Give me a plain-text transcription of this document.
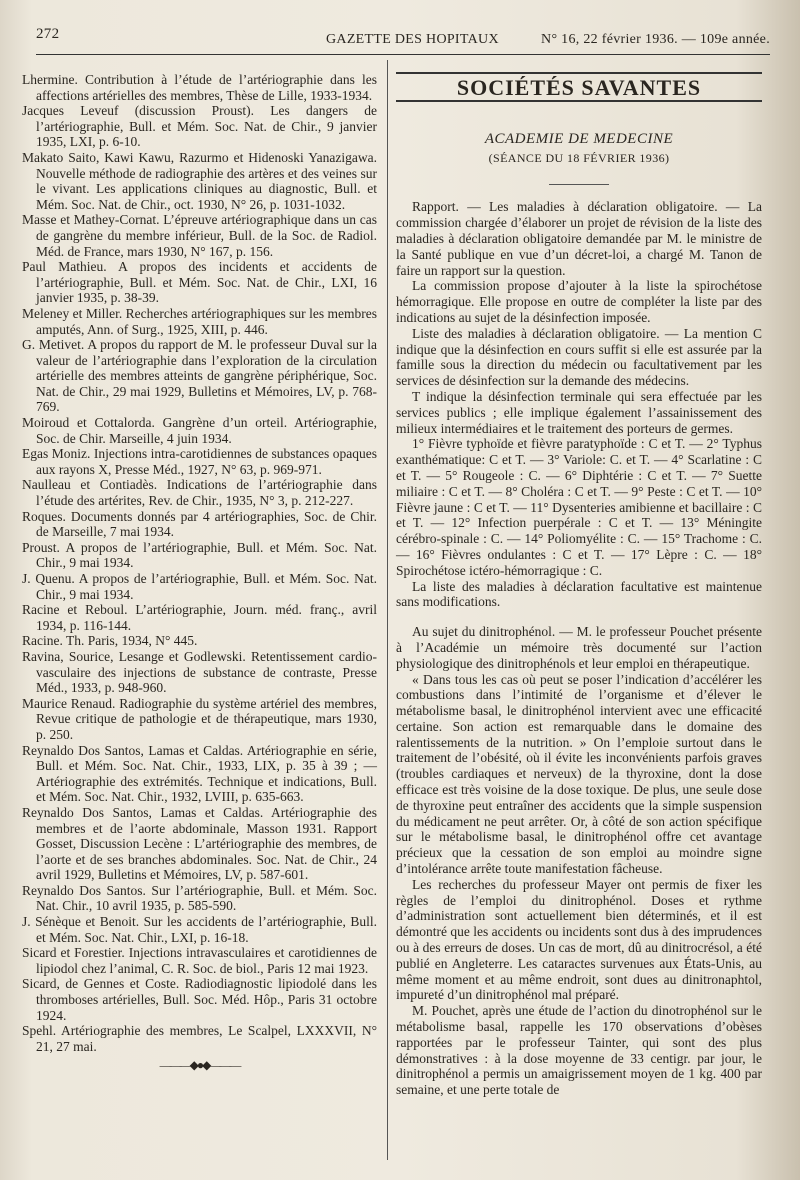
272	GAZETTE DES HOPITAUX	N° 16, 22 février 1936. — 109e année.
Lhermine. Contribution à l’étude de l’artériographie dans les affections artérielles des membres, Thèse de Lille, 1933-1934.
Jacques Leveuf (discussion Proust). Les dangers de l’artériographie, Bull. et Mém. Soc. Nat. de Chir., 9 janvier 1935, LXI, p. 6-10.
Makato Saito, Kawi Kawu, Razurmo et Hidenoski Yanazigawa. Nouvelle méthode de radiographie des artères et des veines sur le vivant. Les applications cliniques au diagnostic, Bull. et Mém. Soc. Nat. de Chir., oct. 1930, N° 26, p. 1031-1032.
Masse et Mathey-Cornat. L’épreuve artériographique dans un cas de gangrène du membre inférieur, Bull. de la Soc. de Radiol. Méd. de France, mars 1930, N° 167, p. 156.
Paul Mathieu. A propos des incidents et accidents de l’artériographie, Bull. et Mém. Soc. Nat. de Chir., LXI, 16 janvier 1935, p. 38-39.
Meleney et Miller. Recherches artériographiques sur les membres amputés, Ann. of Surg., 1925, XIII, p. 446.
G. Metivet. A propos du rapport de M. le professeur Duval sur la valeur de l’artériographie dans l’exploration de la circulation artérielle des membres atteints de gangrène périphérique, Soc. Nat. de Chir., 29 mai 1929, Bulletins et Mémoires, LV, p. 768-769.
Moiroud et Cottalorda. Gangrène d’un orteil. Artériographie, Soc. de Chir. Marseille, 4 juin 1934.
Egas Moniz. Injections intra-carotidiennes de substances opaques aux rayons X, Presse Méd., 1927, N° 63, p. 969-971.
Naulleau et Contiadès. Indications de l’artériographie dans l’étude des artérites, Rev. de Chir., 1935, N° 3, p. 212-227.
Roques. Documents donnés par 4 artériographies, Soc. de Chir. de Marseille, 7 mai 1934.
Proust. A propos de l’artériographie, Bull. et Mém. Soc. Nat. Chir., 9 mai 1934.
J. Quenu. A propos de l’artériographie, Bull. et Mém. Soc. Nat. Chir., 9 mai 1934.
Racine et Reboul. L’artériographie, Journ. méd. franç., avril 1934, p. 116-144.
Racine. Th. Paris, 1934, N° 445.
Ravina, Sourice, Lesange et Godlewski. Retentissement cardio-vasculaire des injections de substance de contraste, Presse Méd., 1933, p. 948-960.
Maurice Renaud. Radiographie du système artériel des membres, Revue critique de pathologie et de thérapeutique, mars 1930, p. 250.
Reynaldo Dos Santos, Lamas et Caldas. Artériographie en série, Bull. et Mém. Soc. Nat. Chir., 1933, LIX, p. 35 à 39 ; — Artériographie des extrémités. Technique et indications, Bull. et Mém. Soc. Nat. Chir., 1932, LVIII, p. 635-663.
Reynaldo Dos Santos, Lamas et Caldas. Artériographie des membres et de l’aorte abdominale, Masson 1931. Rapport Gosset, Discussion Lecène : L’artériographie des membres, de l’aorte et de ses branches abdominales. Soc. Nat. de Chir., 24 avril 1929, Bulletins et Mémoires, LV, p. 587-601.
Reynaldo Dos Santos. Sur l’artériographie, Bull. et Mém. Soc. Nat. Chir., 10 avril 1935, p. 585-590.
J. Sénèque et Benoit. Sur les accidents de l’artériographie, Bull. et Mém. Soc. Nat. Chir., LXI, p. 16-18.
Sicard et Forestier. Injections intravasculaires et carotidiennes de lipiodol chez l’animal, C. R. Soc. de biol., Paris 12 mai 1923.
Sicard, de Gennes et Coste. Radiodiagnostic lipiodolé dans les thromboses artérielles, Bull. Soc. Méd. Hôp., Paris 31 octobre 1924.
Spehl. Artériographie des membres, Le Scalpel, LXXXVII, N° 21, 27 mai.
———◆●◆———
SOCIÉTÉS SAVANTES
ACADEMIE DE MEDECINE
(SÉANCE DU 18 FÉVRIER 1936)

Rapport. — Les maladies à déclaration obligatoire. — La commission chargée d’élaborer un projet de révision de la liste des maladies à déclaration obligatoire demandée par M. le ministre de la Santé publique en vue d’un décret-loi, a chargé M. Tanon de faire un rapport sur la question.

La commission propose d’ajouter à la liste la spirochétose hémorragique. Elle propose en outre de compléter la liste par des indications au sujet de la désinfection imposée.

Liste des maladies à déclaration obligatoire. — La mention C indique que la désinfection en cours suffit si elle est assurée par la famille sous la direction du médecin ou facultativement par les services de désinfection sur la demande des médecins.

T indique la désinfection terminale qui sera effectuée par les services publics ; elle implique également l’assainissement des milieux intermédiaires et le traitement des porteurs de germes.

1° Fièvre typhoïde et fièvre paratyphoïde : C et T. — 2° Typhus exanthématique: C et T. — 3° Variole: C. et T. — 4° Scarlatine : C et T. — 5° Rougeole : C. — 6° Diphtérie : C et T. — 7° Suette miliaire : C et T. — 8° Choléra : C et T. — 9° Peste : C et T. — 10° Fièvre jaune : C et T. — 11° Dysenteries amibienne et bacillaire : C et T. — 12° Infection puerpérale : C et T. — 13° Méningite cérébro-spinale : C. — 14° Poliomyélite : C. — 15° Trachome : C. — 16° Fièvres ondulantes : C et T. — 17° Lèpre : C. — 18° Spirochétose ictéro-hémorragique : C.

La liste des maladies à déclaration facultative est maintenue sans modifications.

Au sujet du dinitrophénol. — M. le professeur Pouchet présente à l’Académie un mémoire très documenté sur l’action physiologique des dinitrophénols et leur emploi en thérapeutique.

« Dans tous les cas où peut se poser l’indication d’accélérer les combustions dans l’intimité de l’organisme et d’élever le métabolisme basal, le dinitrophénol intervient avec une efficacité certaine. Son action est remarquable dans le domaine des ralentissements de la nutrition. » On l’emploie surtout dans le traitement de l’obésité, où il évite les inconvénients parfois graves (troubles cardiaques et nerveux) de la thyroxine, dont la dose efficace est très voisine de la dose toxique. De plus, une seule dose de thyroxine peut entraîner des accidents que la simple suspension du médicament ne peut arrêter. Or, à côté de son action spécifique sur le métabolisme basal, le dinitrophénol offre cet avantage précieux que la cessation de son emploi au moindre signe d’intolérance arrête toute manifestation fâcheuse.

Les recherches du professeur Mayer ont permis de fixer les règles de l’emploi du dinitrophénol. Doses et rythme d’administration sont actuellement bien déterminés, et il est démontré que les accidents ou incidents sont dus à des imprudences ou à des erreurs de doses. Un cas de mort, dû au dinitrocrésol, a été publié en Angleterre. Les cataractes survenues aux États-Unis, au même moment et au même endroit, sont dues au dinitronaphtol, impureté d’un dinitrophénol mal préparé.

M. Pouchet, après une étude de l’action du dinotrophénol sur le métabolisme basal, rappelle les 170 observations d’obèses rapportées par le professeur Tainter, qui sont des plus démonstratives : à la dose moyenne de 33 centigr. par jour, le dinitrophénol a permis un amaigrissement moyen de 1 kg. 400 par semaine, et une perte totale de
